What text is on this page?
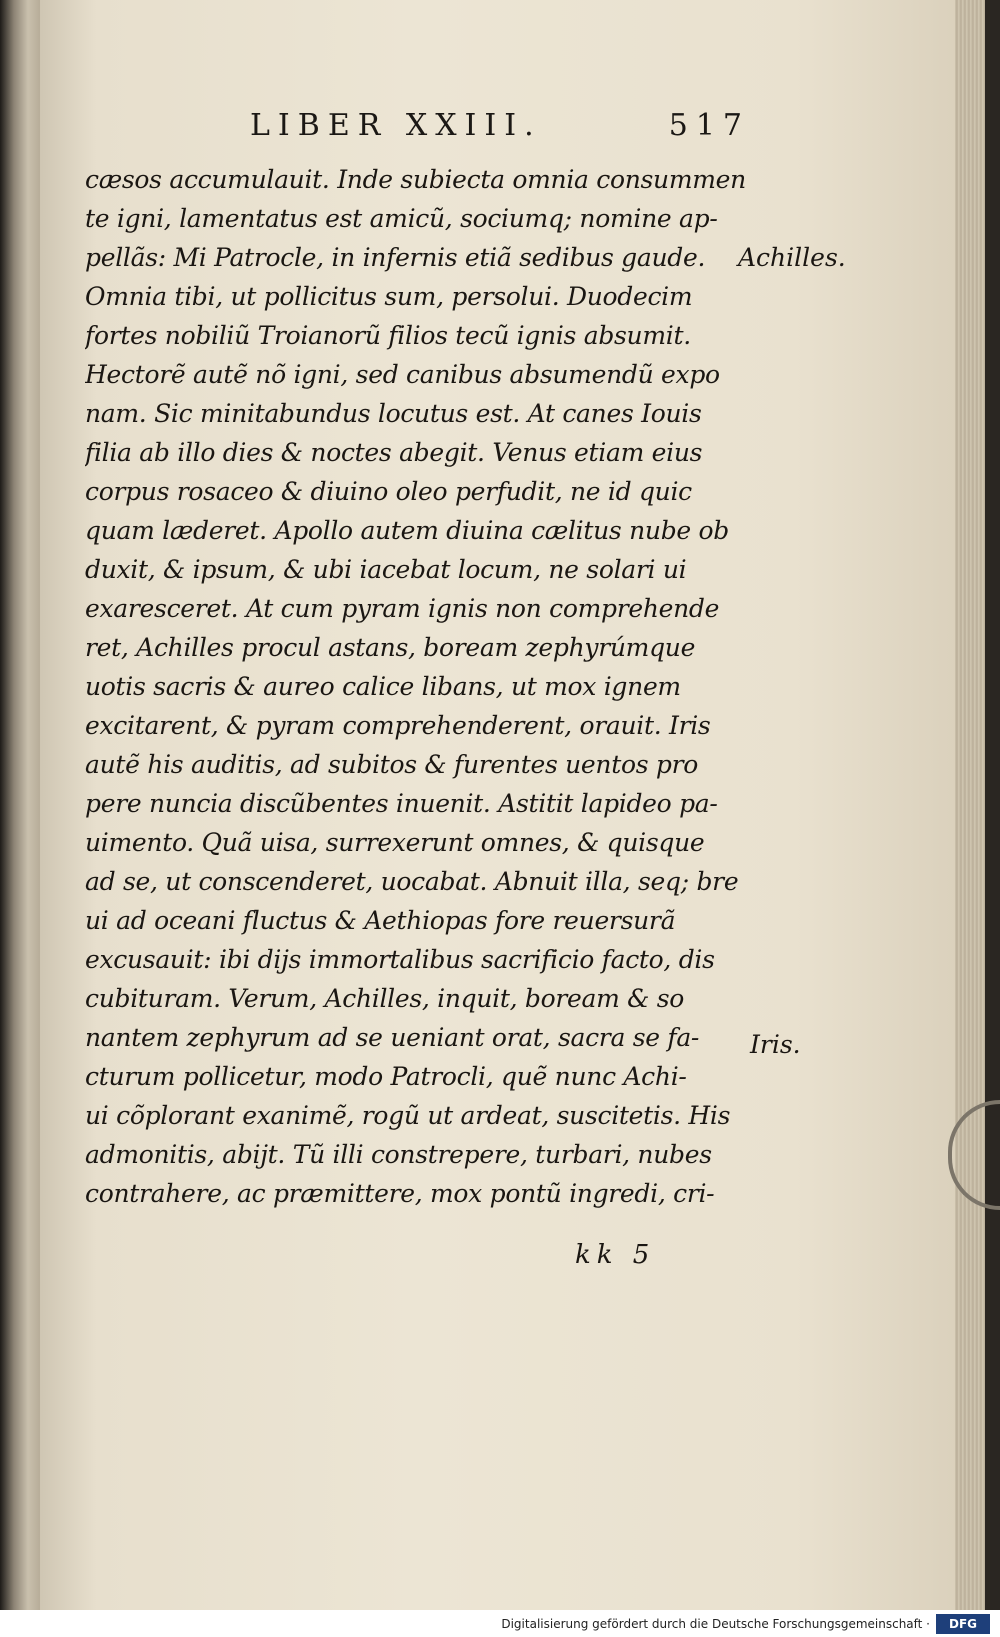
LIBER XXIII.	517
cæsos accumulauit. Inde subiecta omnia consummen
te igni, lamentatus est amicũ, sociumq; nomine ap-
pellãs: Mi Patrocle, in infernis etiã sedibus gaude.
Omnia tibi, ut pollicitus sum, persolui. Duodecim
fortes nobiliũ Troianorũ filios tecũ ignis absumit.
Hectorẽ autẽ nõ igni, sed canibus absumendũ expo
nam. Sic minitabundus locutus est. At canes Iouis
filia ab illo dies & noctes abegit. Venus etiam eius
corpus rosaceo & diuino oleo perfudit, ne id quic
quam læderet. Apollo autem diuina cælitus nube ob
duxit, & ipsum, & ubi iacebat locum, ne solari ui
exaresceret. At cum pyram ignis non comprehende
ret, Achilles procul astans, boream zephyrúmque
uotis sacris & aureo calice libans, ut mox ignem
excitarent, & pyram comprehenderent, orauit. Iris
autẽ his auditis, ad subitos & furentes uentos pro
pere nuncia discũbentes inuenit. Astitit lapideo pa-
uimento. Quã uisa, surrexerunt omnes, & quisque
ad se, ut conscenderet, uocabat. Abnuit illa, seq; bre
ui ad oceani fluctus & Aethiopas fore reuersurã
excusauit: ibi dijs immortalibus sacrificio facto, dis
cubituram. Verum, Achilles, inquit, boream & so
nantem zephyrum ad se ueniant orat, sacra se fa-
cturum pollicetur, modo Patrocli, quẽ nunc Achi-
ui cõplorant exanimẽ, rogũ ut ardeat, suscitetis. His
admonitis, abijt. Tũ illi constrepere, turbari, nubes
contrahere, ac præmittere, mox pontũ ingredi, cri-
Achilles.
Iris.
kk 5
Digitalisierung gefördert durch die Deutsche Forschungsgemeinschaft ·	DFG
